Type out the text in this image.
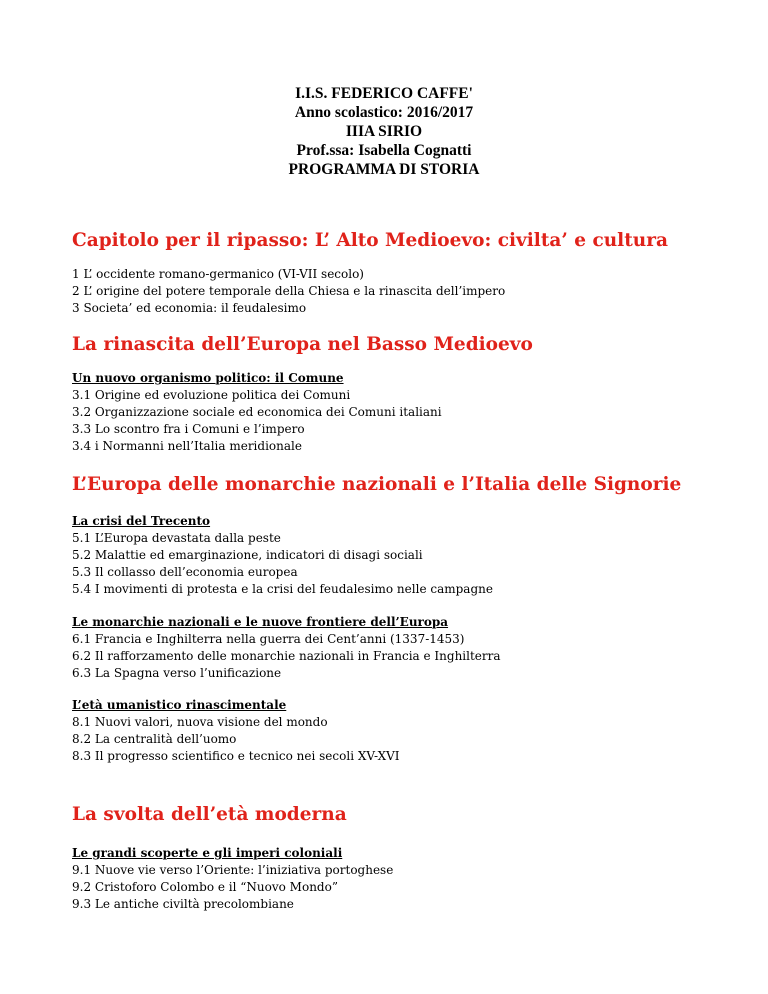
I.I.S. FEDERICO CAFFE'
Anno scolastico: 2016/2017
IIIA SIRIO
Prof.ssa: Isabella Cognatti
PROGRAMMA DI STORIA
Capitolo per il ripasso: L’ Alto Medioevo: civilta’ e cultura
1 L’ occidente romano-germanico (VI-VII secolo)
2 L’ origine del potere temporale della Chiesa e la rinascita dell’impero
3 Societa’ ed economia: il feudalesimo
La rinascita dell’Europa nel Basso Medioevo
Un nuovo organismo politico: il Comune
3.1 Origine ed evoluzione politica dei Comuni
3.2 Organizzazione sociale ed economica dei Comuni italiani
3.3 Lo scontro fra i Comuni e l’impero
3.4 i Normanni nell’Italia meridionale
L’Europa delle monarchie nazionali e l’Italia delle Signorie
La crisi del Trecento
5.1 L’Europa devastata dalla peste
5.2 Malattie ed emarginazione, indicatori di disagi sociali
5.3 Il collasso dell’economia europea
5.4 I movimenti di protesta e la crisi del feudalesimo nelle campagne
Le monarchie nazionali e le nuove frontiere dell’Europa
6.1 Francia e Inghilterra nella guerra dei Cent’anni (1337-1453)
6.2 Il rafforzamento delle monarchie nazionali in Francia e Inghilterra
6.3 La Spagna verso l’unificazione
L’età umanistico rinascimentale
8.1 Nuovi valori, nuova visione del mondo
8.2 La centralità dell’uomo
8.3 Il progresso scientifico e tecnico nei secoli XV-XVI
La svolta dell’età moderna
Le grandi scoperte e gli imperi coloniali
9.1 Nuove vie verso l’Oriente: l’iniziativa portoghese
9.2 Cristoforo Colombo e il “Nuovo Mondo”
9.3 Le antiche civiltà precolombiane
